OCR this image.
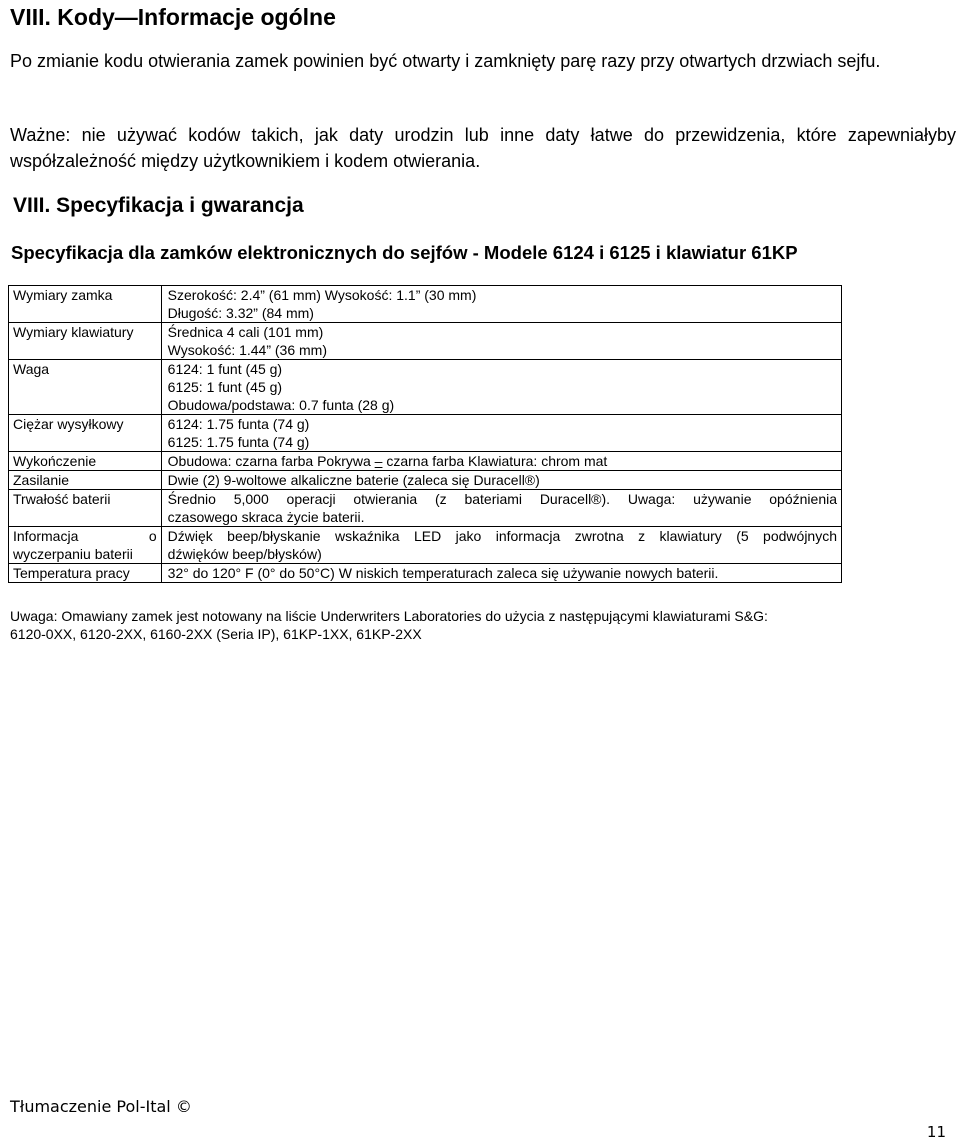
VIII. Kody—Informacje ogólne
Po zmianie kodu otwierania zamek powinien być otwarty i zamknięty parę razy przy otwartych drzwiach sejfu.
Ważne: nie używać kodów takich, jak daty urodzin lub inne daty łatwe do przewidzenia, które zapewniałyby współzależność między użytkownikiem i kodem otwierania.
VIII. Specyfikacja i gwarancja
Specyfikacja dla zamków elektronicznych do sejfów - Modele 6124 i 6125 i klawiatur 61KP
Wymiary zamka	Szerokość: 2.4” (61 mm) Wysokość: 1.1” (30 mm)
Długość: 3.32” (84 mm)

Wymiary klawiatury	Średnica 4 cali (101 mm)
Wysokość: 1.44” (36 mm)

Waga	6124: 1 funt (45 g)
6125: 1 funt (45 g)
Obudowa/podstawa: 0.7 funta (28 g)

Ciężar wysyłkowy	6124: 1.75 funta (74 g)
6125: 1.75 funta (74 g)

Wykończenie	Obudowa: czarna farba Pokrywa – czarna farba Klawiatura: chrom mat

Zasilanie	Dwie (2) 9-woltowe alkaliczne baterie (zaleca się Duracell®)

Trwałość baterii	Średnio 5,000 operacji otwierania (z bateriami Duracell®). Uwaga: używanie opóźnienia
czasowego skraca życie baterii.

Informacja o
wyczerpaniu baterii	Dźwięk beep/błyskanie wskaźnika LED jako informacja zwrotna z klawiatury (5 podwójnych
dźwięków beep/błysków)

Temperatura pracy	32° do 120° F (0° do 50°C) W niskich temperaturach zaleca się używanie nowych baterii.
Uwaga: Omawiany zamek jest notowany na liście Underwriters Laboratories do użycia z następującymi klawiaturami S&G:
6120-0XX, 6120-2XX, 6160-2XX (Seria IP), 61KP-1XX, 61KP-2XX
Tłumaczenie Pol-Ital ©
11
